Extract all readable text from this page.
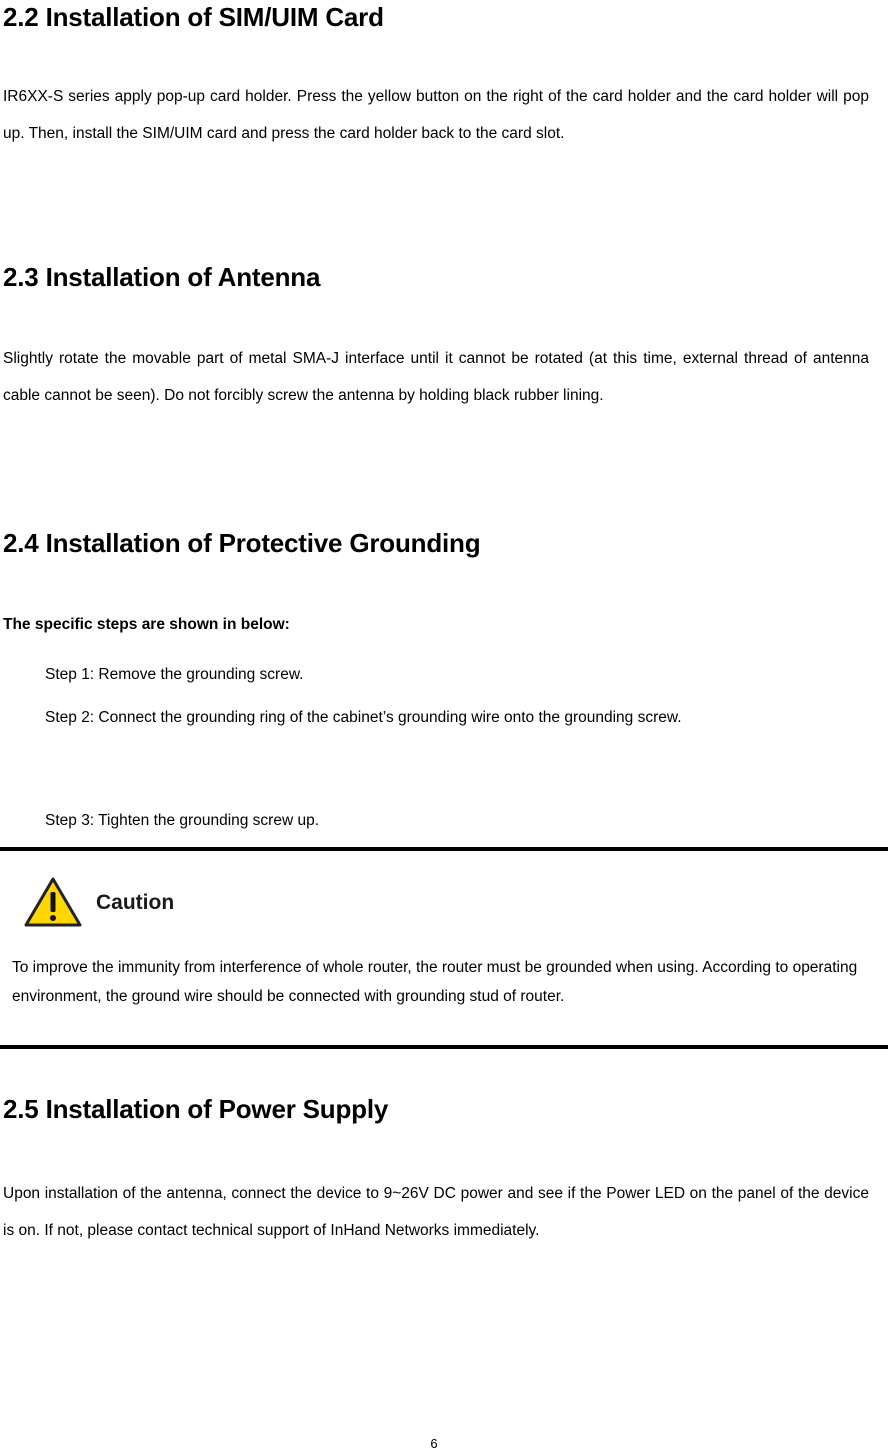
2.2 Installation of SIM/UIM Card

IR6XX-S series apply pop-up card holder. Press the yellow button on the right of the card holder and the card holder will pop up. Then, install the SIM/UIM card and press the card holder back to the card slot.

2.3 Installation of Antenna

Slightly rotate the movable part of metal SMA-J interface until it cannot be rotated (at this time, external thread of antenna cable cannot be seen). Do not forcibly screw the antenna by holding black rubber lining.

2.4 Installation of Protective Grounding

The specific steps are shown in below:

Step 1: Remove the grounding screw.

Step 2: Connect the grounding ring of the cabinet’s grounding wire onto the grounding screw.

Step 3: Tighten the grounding screw up.

Caution
To improve the immunity from interference of whole router, the router must be grounded when using. According to operating environment, the ground wire should be connected with grounding stud of router.
2.5 Installation of Power Supply

Upon installation of the antenna, connect the device to 9~26V DC power and see if the Power LED on the panel of the device is on. If not, please contact technical support of InHand Networks immediately.

6
